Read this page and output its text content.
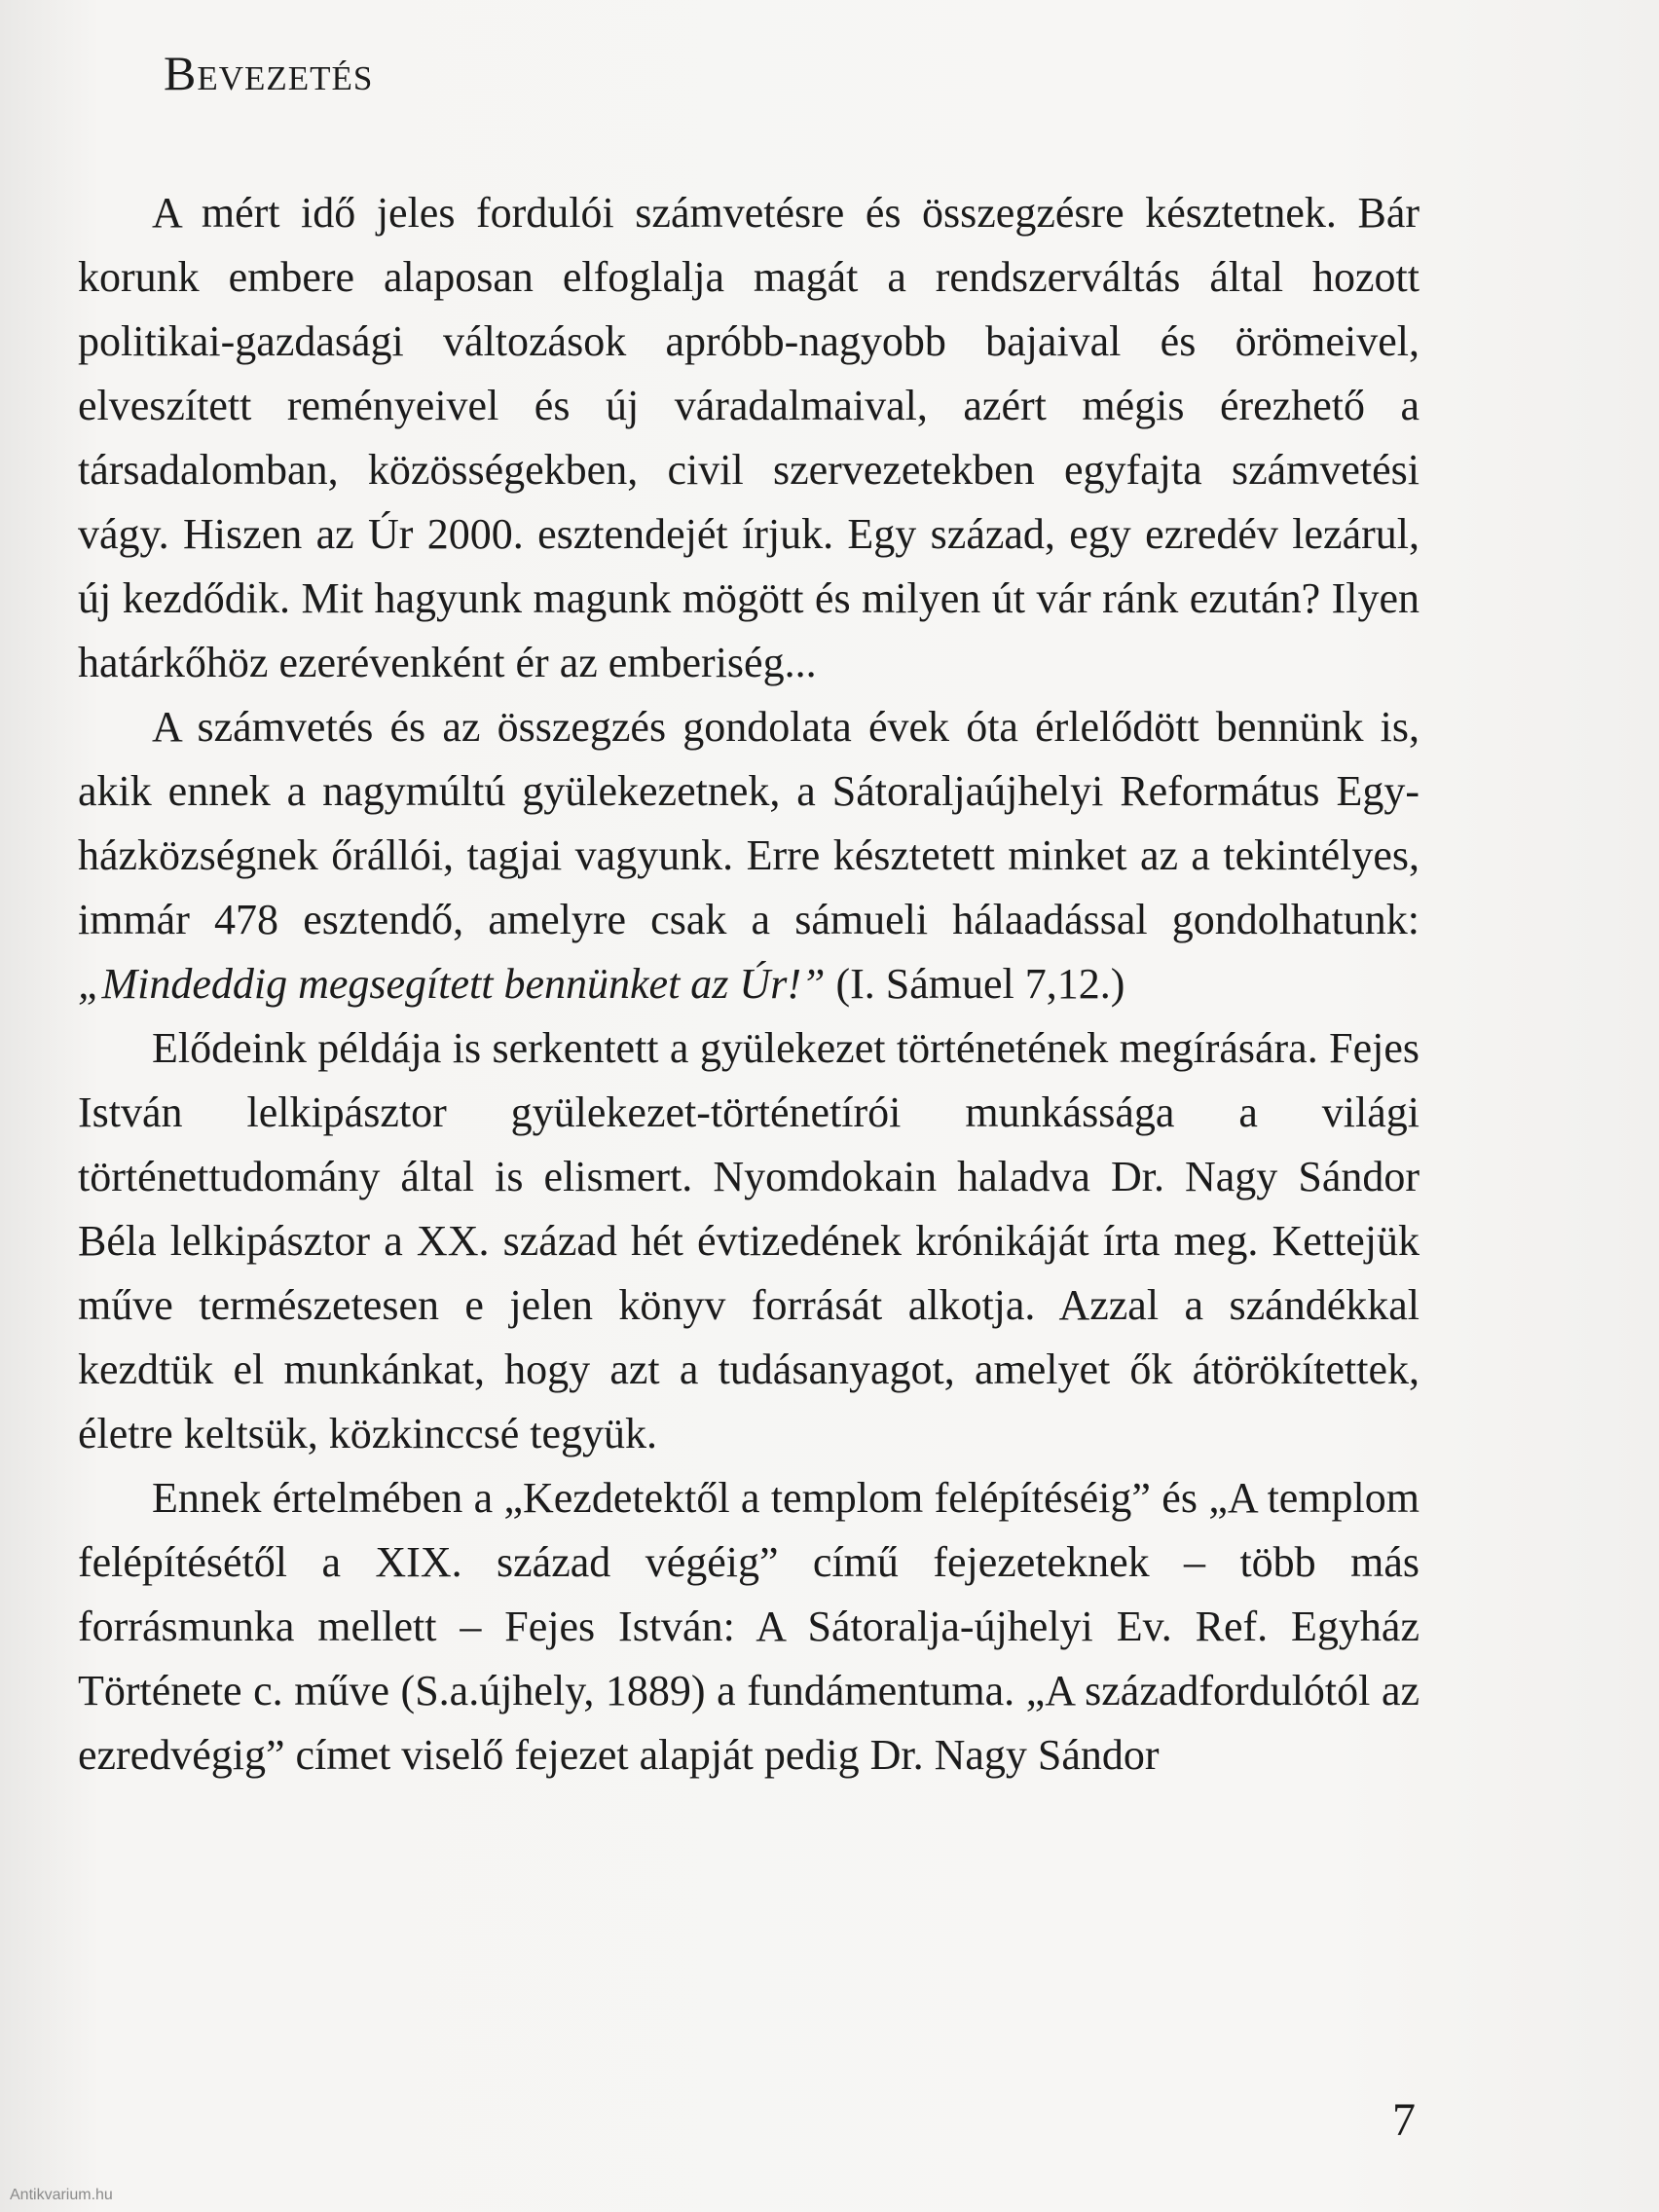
Bevezetés

A mért idő jeles fordulói számvetésre és összegzésre késztetnek. Bár korunk embere alaposan elfoglalja magát a rendszerváltás által hozott politikai-gazdasági változások apróbb-nagyobb bajaival és örömeivel, elveszített reményeivel és új váradalmaival, azért mégis érezhető a társadalomban, közösségekben, civil szervezetekben egyfajta számvetési vágy. Hiszen az Úr 2000. esztendejét írjuk. Egy század, egy ezredév lezárul, új kezdődik. Mit hagyunk magunk mögött és milyen út vár ránk ezután? Ilyen határkőhöz ezerévenként ér az emberiség...

A számvetés és az összegzés gondolata évek óta érlelődött bennünk is, akik ennek a nagymúltú gyülekezetnek, a Sátoraljaújhelyi Református Egy-házközségnek őrállói, tagjai vagyunk. Erre késztetett minket az a tekintélyes, immár 478 esztendő, amelyre csak a sámueli hálaadással gondolhatunk: „Mindeddig megsegített bennünket az Úr!” (I. Sámuel 7,12.)

Elődeink példája is serkentett a gyülekezet történetének megírására. Fejes István lelkipásztor gyülekezet-történetírói munkássága a világi történettudomány által is elismert. Nyomdokain haladva Dr. Nagy Sándor Béla lelkipásztor a XX. század hét évtizedének krónikáját írta meg. Kettejük műve természetesen e jelen könyv forrását alkotja. Azzal a szándékkal kezdtük el munkánkat, hogy azt a tudásanyagot, amelyet ők átörökítettek, életre keltsük, közkinccsé tegyük.

Ennek értelmében a „Kezdetektől a templom felépítéséig” és „A templom felépítésétől a XIX. század végéig” című fejezeteknek – több más forrásmunka mellett – Fejes István: A Sátoralja-újhelyi Ev. Ref. Egyház Története c. műve (S.a.újhely, 1889) a fundámentuma. „A századfordulótól az ezredvégig” címet viselő fejezet alapját pedig Dr. Nagy Sándor

7
Antikvarium.hu
